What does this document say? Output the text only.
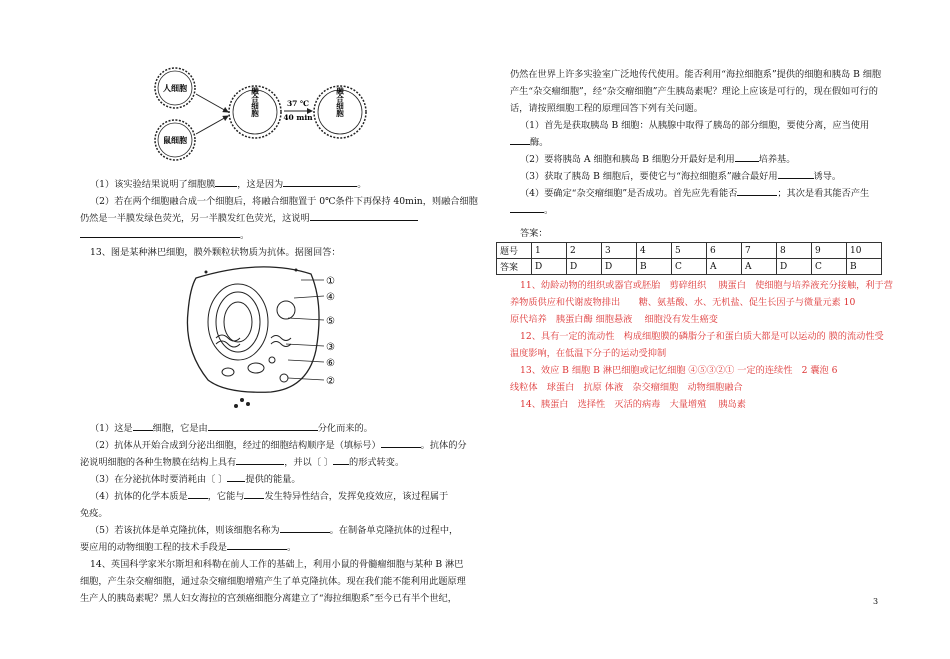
人细胞
鼠细胞
融合细胞	37 ℃
40 min
融合细胞
（1）该实验结果说明了细胞膜 ，这是因为	。
（2）若在两个细胞融合成一个细胞后，将融合细胞置于 0℃条件下再保持 40min，则融合细胞
仍然是一半膜发绿色荧光，另一半膜发红色荧光，这说明
。
13、图是某种淋巴细胞，膜外颗粒状物质为抗体。据图回答：
①
④
⑤
③
⑥
②
（1）这是 细胞，它是由	分化而来的。
（2）抗体从开始合成到分泌出细胞，经过的细胞结构顺序是（填标号）	。抗体的分
泌说明细胞的各种生物膜在结构上具有	，并以〔 〕 的形式转变。
（3）在分泌抗体时要消耗由〔 〕 提供的能量。
（4）抗体的化学本质是 ，它能与 发生特异性结合，发挥免疫效应，该过程属于
免疫。
（5）若该抗体是单克隆抗体，则该细胞名称为	。在制备单克隆抗体的过程中，
要应用的动物细胞工程的技术手段是	。
14、英国科学家米尔斯坦和科勒在前人工作的基础上，利用小鼠的骨髓瘤细胞与某种 B 淋巴
细胞，产生杂交瘤细胞，通过杂交瘤细胞增殖产生了单克隆抗体。现在我们能不能利用此题原理
生产人的胰岛素呢？黑人妇女海拉的宫颈癌细胞分离建立了“海拉细胞系”至今已有半个世纪，
仍然在世界上许多实验室广泛地传代使用。能否利用“海拉细胞系”提供的细胞和胰岛 B 细胞
产生“杂交瘤细胞”，经“杂交瘤细胞”产生胰岛素呢？理论上应该是可行的，现在假如可行的
话，请按照细胞工程的原理回答下列有关问题。
（1）首先是获取胰岛 B 细胞：从胰腺中取得了胰岛的部分细胞，要使分离，应当使用
酶。
（2）要将胰岛 A 细胞和胰岛 B 细胞分开最好是利用	培养基。
（3）获取了胰岛 B 细胞后，要使它与“海拉细胞系”融合最好用	诱导。
（4）要确定“杂交瘤细胞”是否成功。首先应先看能否	；其次是看其能否产生
。
答案：
题号	1	2	3	4	5	6	7	8	9	10
答案	D	D	D	B	C	A	A	D	C	B
11、幼龄动物的组织或器官或胚胎　剪碎组织　 胰蛋白　使细胞与培养液充分接触，利于营
养物质供应和代谢废物排出　　糖、氨基酸、水、无机盐、促生长因子与微量元素 10
原代培养　胰蛋白酶 细胞悬液　 细胞没有发生癌变
12、具有一定的流动性　构成细胞膜的磷脂分子和蛋白质大都是可以运动的 膜的流动性受
温度影响，在低温下分子的运动受抑制
13、效应 B 细胞 B 淋巴细胞或记忆细胞 ④⑤③②① 一定的连续性　2 囊泡 6
线粒体　球蛋白　抗原 体液　杂交瘤细胞　动物细胞融合
14、胰蛋白　选择性　灭活的病毒　大量增殖　 胰岛素
3
